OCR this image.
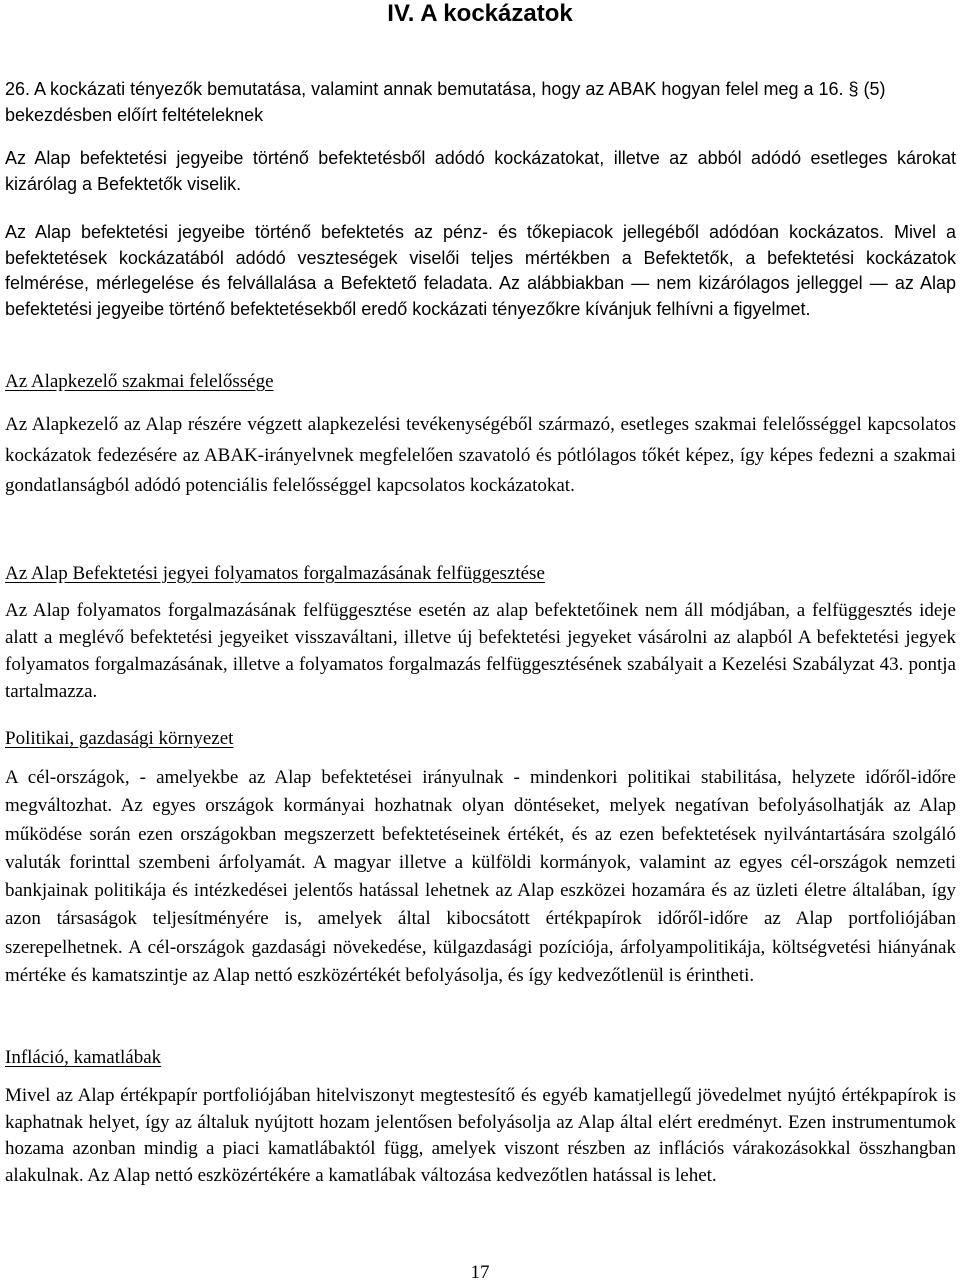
IV. A kockázatok

26. A kockázati tényezők bemutatása, valamint annak bemutatása, hogy az ABAK hogyan felel meg a 16. § (5) bekezdésben előírt feltételeknek

Az Alap befektetési jegyeibe történő befektetésből adódó kockázatokat, illetve az abból adódó esetleges károkat kizárólag a Befektetők viselik.

Az Alap befektetési jegyeibe történő befektetés az pénz- és tőkepiacok jellegéből adódóan kockázatos. Mivel a befektetések kockázatából adódó veszteségek viselői teljes mértékben a Befektetők, a befektetési kockázatok felmérése, mérlegelése és felvállalása a Befektető feladata. Az alábbiakban — nem kizárólagos jelleggel — az Alap befektetési jegyeibe történő befektetésekből eredő kockázati tényezőkre kívánjuk felhívni a figyelmet.

Az Alapkezelő szakmai felelőssége

Az Alapkezelő az Alap részére végzett alapkezelési tevékenységéből származó, esetleges szakmai felelősséggel kapcsolatos kockázatok fedezésére az ABAK-irányelvnek megfelelően szavatoló és pótlólagos tőkét képez, így képes fedezni a szakmai gondatlanságból adódó potenciális felelősséggel kapcsolatos kockázatokat.

Az Alap Befektetési jegyei folyamatos forgalmazásának felfüggesztése

Az Alap folyamatos forgalmazásának felfüggesztése esetén az alap befektetőinek nem áll módjában, a felfüggesztés ideje alatt a meglévő befektetési jegyeiket visszaváltani, illetve új befektetési jegyeket vásárolni az alapból A befektetési jegyek folyamatos forgalmazásának, illetve a folyamatos forgalmazás felfüggesztésének szabályait a Kezelési Szabályzat 43. pontja tartalmazza.

Politikai, gazdasági környezet

A cél-országok, - amelyekbe az Alap befektetései irányulnak - mindenkori politikai stabilitása, helyzete időről-időre megváltozhat. Az egyes országok kormányai hozhatnak olyan döntéseket, melyek negatívan befolyásolhatják az Alap működése során ezen országokban megszerzett befektetéseinek értékét, és az ezen befektetések nyilvántartására szolgáló valuták forinttal szembeni árfolyamát. A magyar illetve a külföldi kormányok, valamint az egyes cél-országok nemzeti bankjainak politikája és intézkedései jelentős hatással lehetnek az Alap eszközei hozamára és az üzleti életre általában, így azon társaságok teljesítményére is, amelyek által kibocsátott értékpapírok időről-időre az Alap portfoliójában szerepelhetnek. A cél-országok gazdasági növekedése, külgazdasági pozíciója, árfolyampolitikája, költségvetési hiányának mértéke és kamatszintje az Alap nettó eszközértékét befolyásolja, és így kedvezőtlenül is érintheti.

Infláció, kamatlábak

Mivel az Alap értékpapír portfoliójában hitelviszonyt megtestesítő és egyéb kamatjellegű jövedelmet nyújtó értékpapírok is kaphatnak helyet, így az általuk nyújtott hozam jelentősen befolyásolja az Alap által elért eredményt. Ezen instrumentumok hozama azonban mindig a piaci kamatlábaktól függ, amelyek viszont részben az inflációs várakozásokkal összhangban alakulnak. Az Alap nettó eszközértékére a kamatlábak változása kedvezőtlen hatással is lehet.

17
